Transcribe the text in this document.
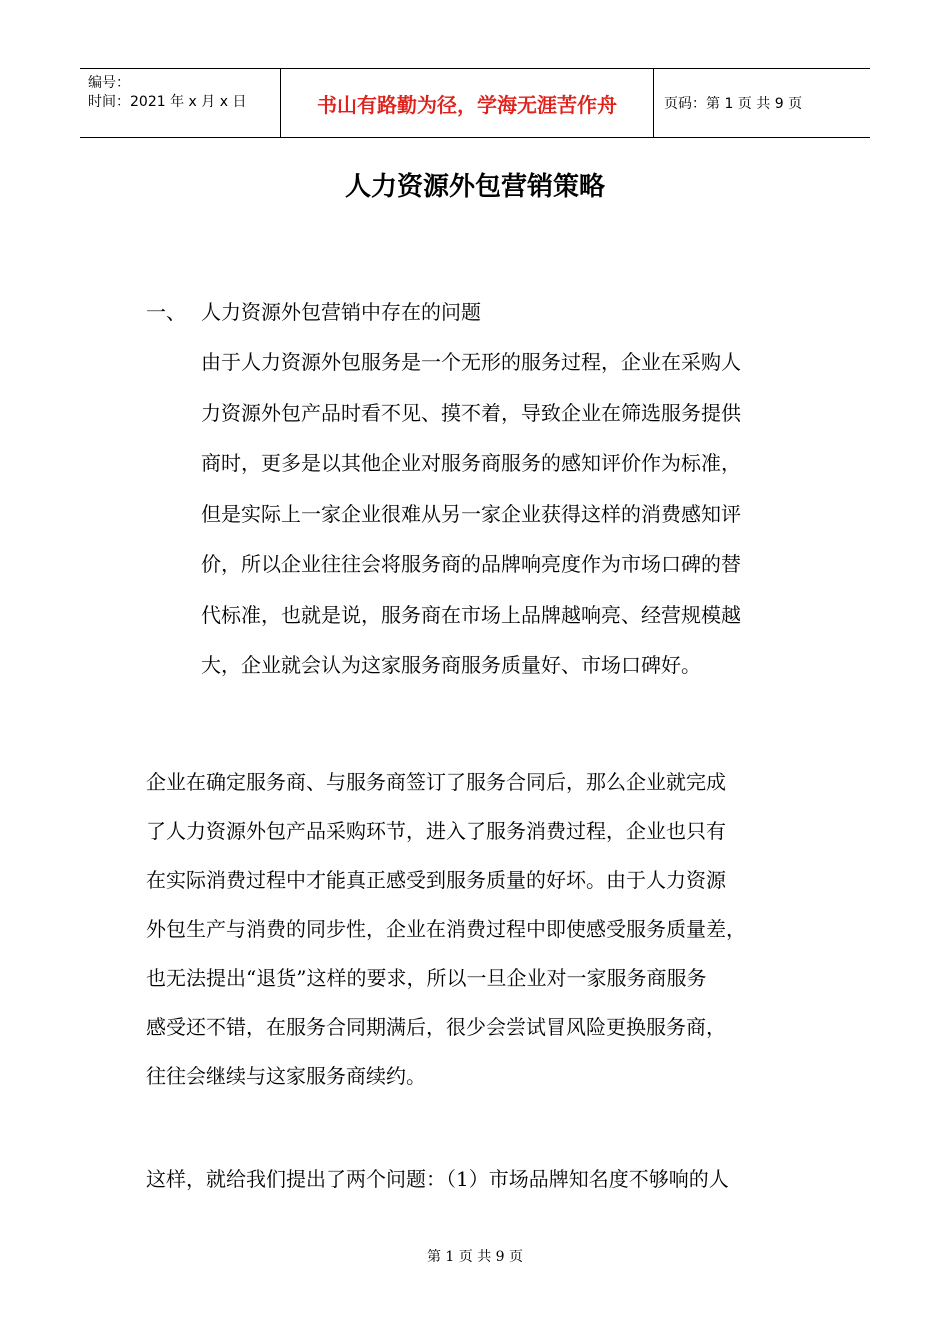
编号：
时间：2021 年 x 月 x 日	书山有路勤为径，学海无涯苦作舟	页码：第 1 页 共 9 页
人力资源外包营销策略
一、 人力资源外包营销中存在的问题

由于人力资源外包服务是一个无形的服务过程，企业在采购人
力资源外包产品时看不见、摸不着，导致企业在筛选服务提供
商时，更多是以其他企业对服务商服务的感知评价作为标准，
但是实际上一家企业很难从另一家企业获得这样的消费感知评
价，所以企业往往会将服务商的品牌响亮度作为市场口碑的替
代标准，也就是说，服务商在市场上品牌越响亮、经营规模越
大，企业就会认为这家服务商服务质量好、市场口碑好。

企业在确定服务商、与服务商签订了服务合同后，那么企业就完成
了人力资源外包产品采购环节，进入了服务消费过程，企业也只有
在实际消费过程中才能真正感受到服务质量的好坏。由于人力资源
外包生产与消费的同步性，企业在消费过程中即使感受服务质量差，
也无法提出“退货”这样的要求，所以一旦企业对一家服务商服务
感受还不错，在服务合同期满后，很少会尝试冒风险更换服务商，
往往会继续与这家服务商续约。

这样，就给我们提出了两个问题：（1）市场品牌知名度不够响的人

第 1 页 共 9 页
